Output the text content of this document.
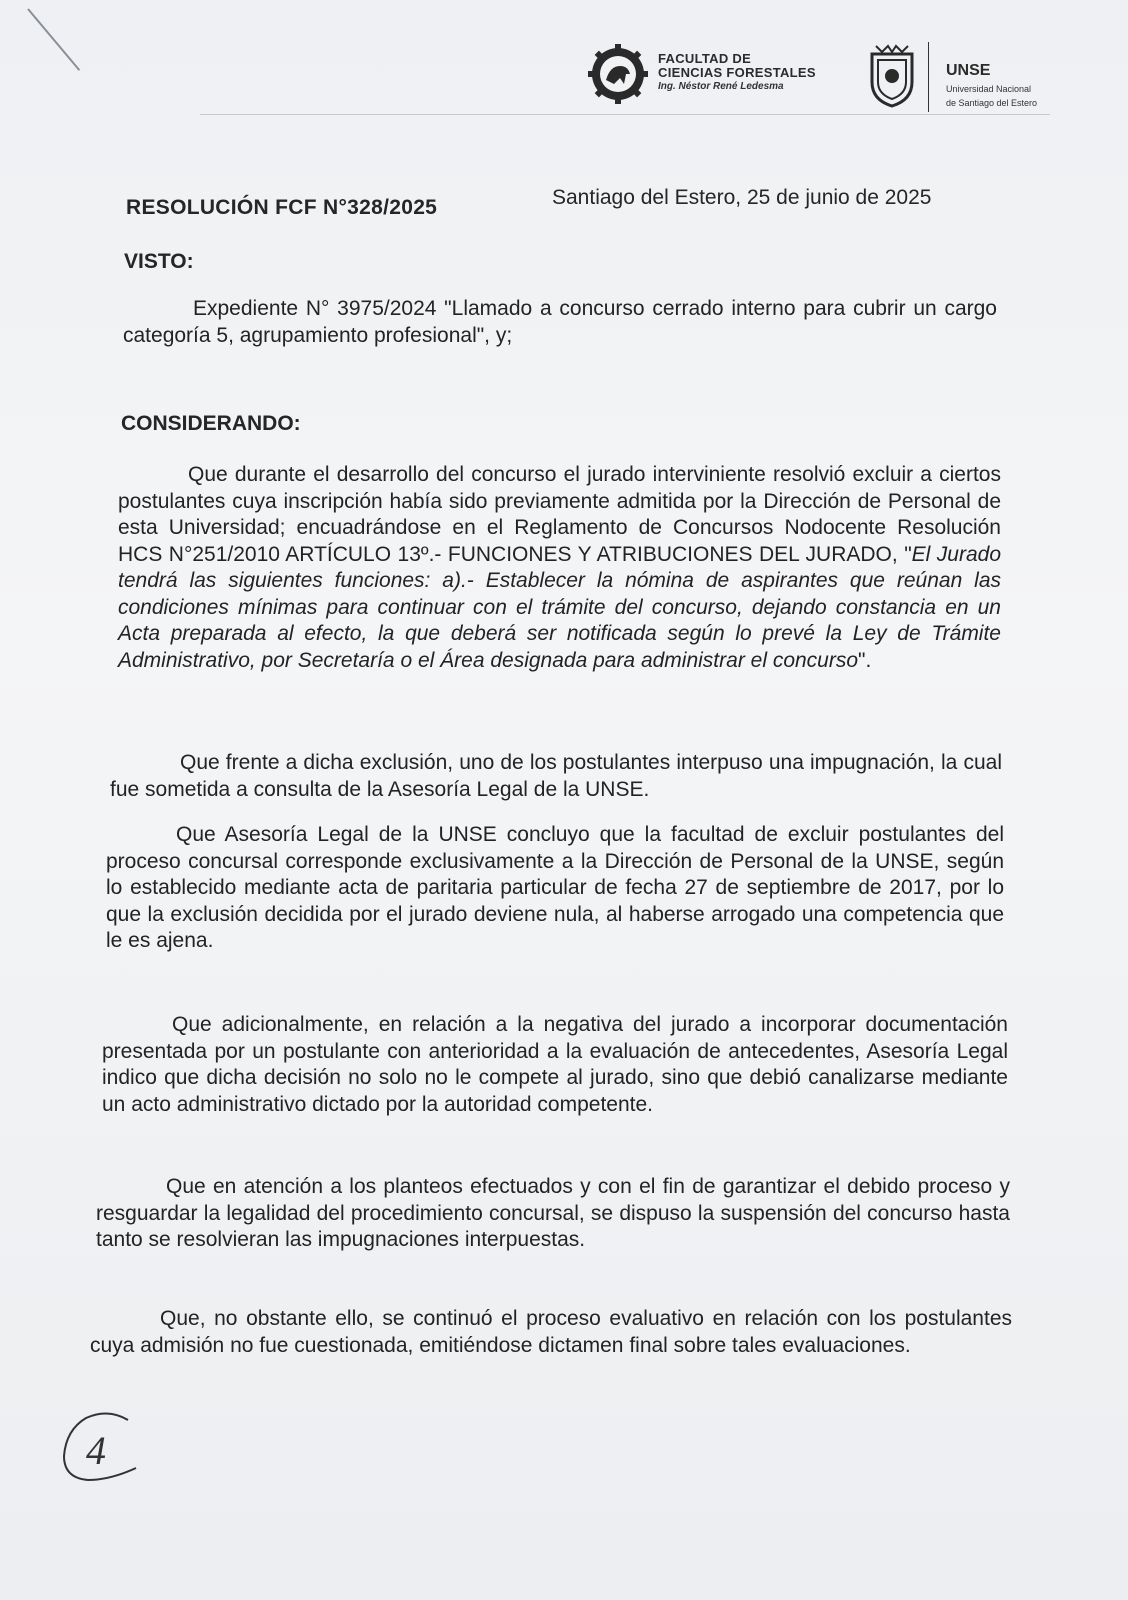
FACULTAD DE
CIENCIAS FORESTALES
Ing. Néstor René Ledesma
UNSE
Universidad Nacional
de Santiago del Estero
RESOLUCIÓN FCF N°328/2025	Santiago del Estero, 25 de junio de 2025
VISTO:
Expediente N° 3975/2024 "Llamado a concurso cerrado interno para cubrir un cargo categoría 5, agrupamiento profesional", y;
CONSIDERANDO:
Que durante el desarrollo del concurso el jurado interviniente resolvió excluir a ciertos postulantes cuya inscripción había sido previamente admitida por la Dirección de Personal de esta Universidad; encuadrándose en el Reglamento de Concursos Nodocente Resolución HCS N°251/2010 ARTÍCULO 13º.- FUNCIONES Y ATRIBUCIONES DEL JURADO, "El Jurado tendrá las siguientes funciones: a).- Establecer la nómina de aspirantes que reúnan las condiciones mínimas para continuar con el trámite del concurso, dejando constancia en un Acta preparada al efecto, la que deberá ser notificada según lo prevé la Ley de Trámite Administrativo, por Secretaría o el Área designada para administrar el concurso".
Que frente a dicha exclusión, uno de los postulantes interpuso una impugnación, la cual fue sometida a consulta de la Asesoría Legal de la UNSE.
Que Asesoría Legal de la UNSE concluyo que la facultad de excluir postulantes del proceso concursal corresponde exclusivamente a la Dirección de Personal de la UNSE, según lo establecido mediante acta de paritaria particular de fecha 27 de septiembre de 2017, por lo que la exclusión decidida por el jurado deviene nula, al haberse arrogado una competencia que le es ajena.
Que adicionalmente, en relación a la negativa del jurado a incorporar documentación presentada por un postulante con anterioridad a la evaluación de antecedentes, Asesoría Legal indico que dicha decisión no solo no le compete al jurado, sino que debió canalizarse mediante un acto administrativo dictado por la autoridad competente.
Que en atención a los planteos efectuados y con el fin de garantizar el debido proceso y resguardar la legalidad del procedimiento concursal, se dispuso la suspensión del concurso hasta tanto se resolvieran las impugnaciones interpuestas.
Que, no obstante ello, se continuó el proceso evaluativo en relación con los postulantes cuya admisión no fue cuestionada, emitiéndose dictamen final sobre tales evaluaciones.
4
